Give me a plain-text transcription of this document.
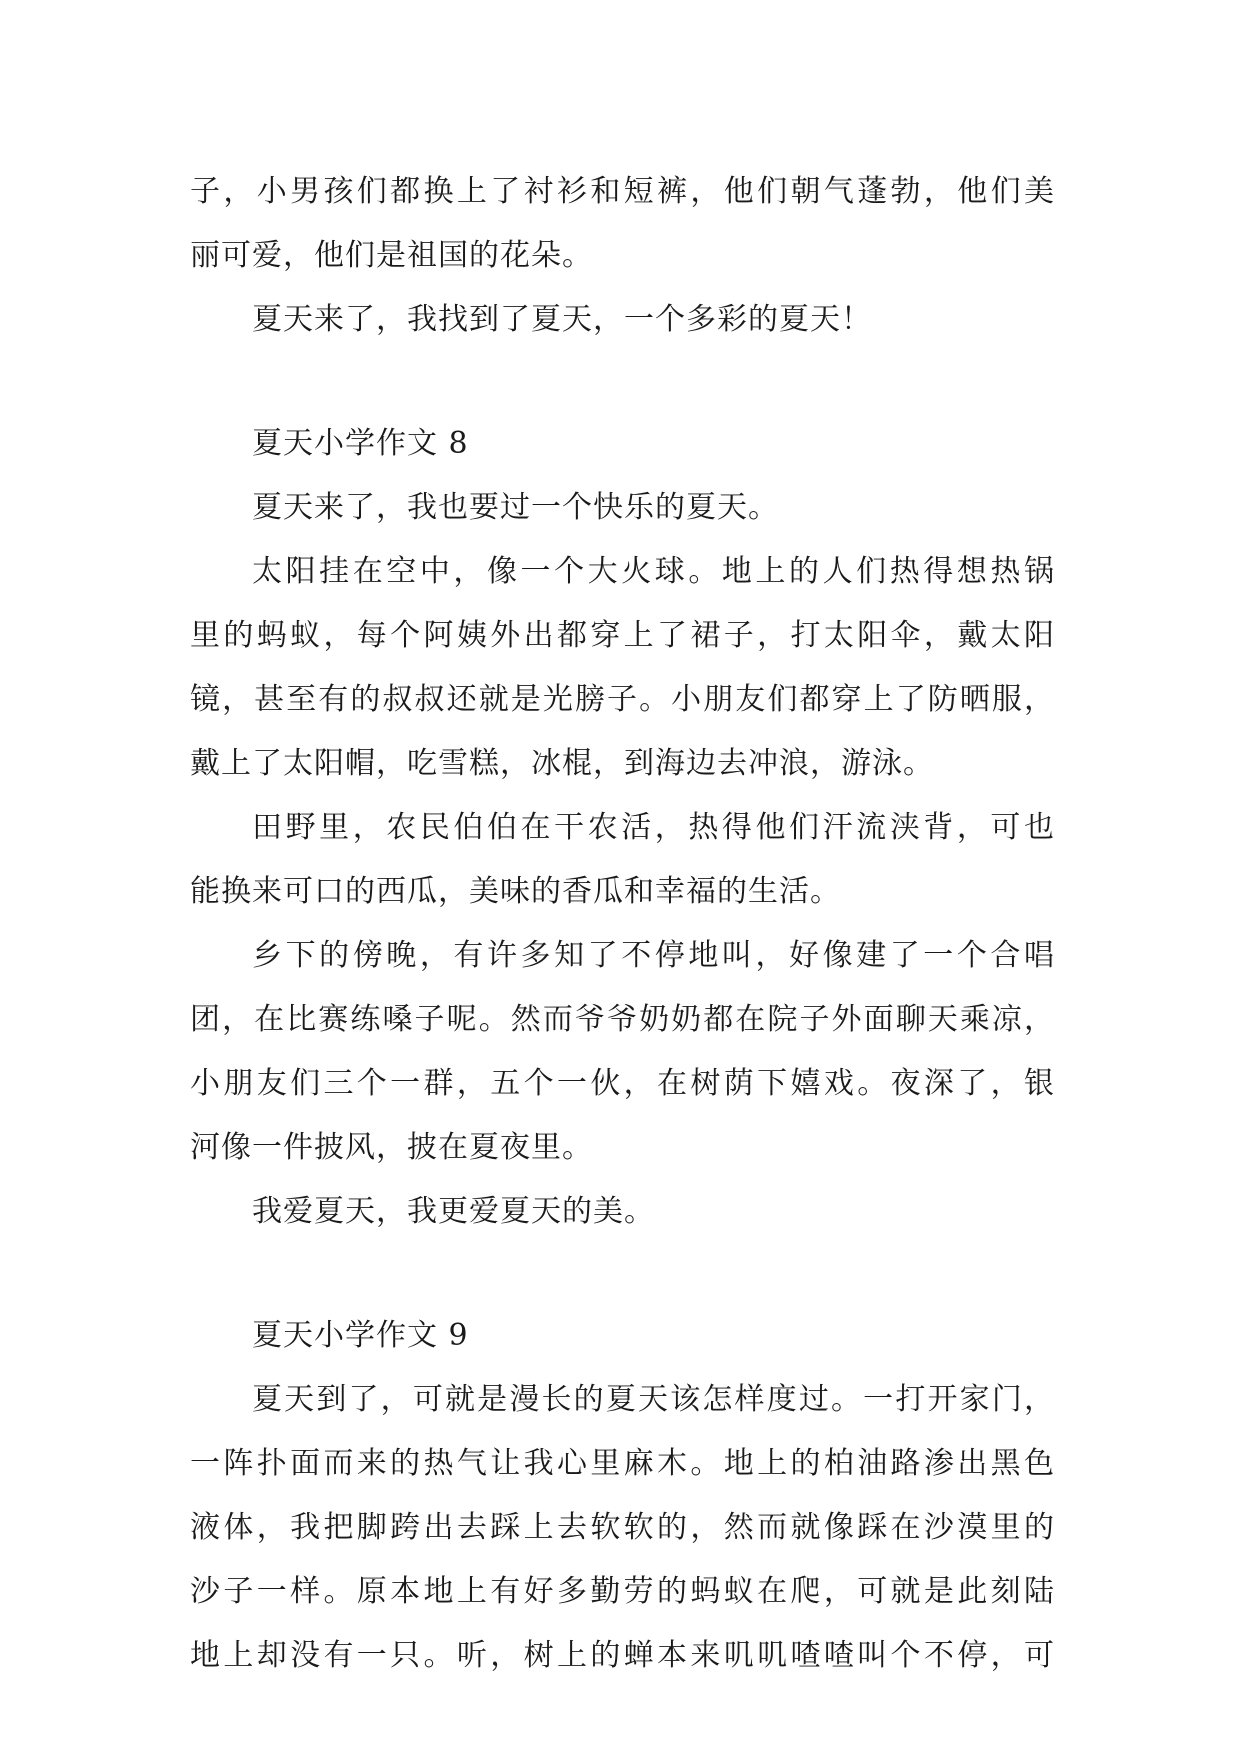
子，小男孩们都换上了衬衫和短裤，他们朝气蓬勃，他们美
丽可爱，他们是祖国的花朵。
夏天来了，我找到了夏天，一个多彩的夏天！
夏天小学作文 8
夏天来了，我也要过一个快乐的夏天。
太阳挂在空中，像一个大火球。地上的人们热得想热锅
里的蚂蚁，每个阿姨外出都穿上了裙子，打太阳伞，戴太阳
镜，甚至有的叔叔还就是光膀子。小朋友们都穿上了防晒服，
戴上了太阳帽，吃雪糕，冰棍，到海边去冲浪，游泳。
田野里，农民伯伯在干农活，热得他们汗流浃背，可也
能换来可口的西瓜，美味的香瓜和幸福的生活。
乡下的傍晚，有许多知了不停地叫，好像建了一个合唱
团，在比赛练嗓子呢。然而爷爷奶奶都在院子外面聊天乘凉，
小朋友们三个一群，五个一伙，在树荫下嬉戏。夜深了，银
河像一件披风，披在夏夜里。
我爱夏天，我更爱夏天的美。
夏天小学作文 9
夏天到了，可就是漫长的夏天该怎样度过。一打开家门，
一阵扑面而来的热气让我心里麻木。地上的柏油路渗出黑色
液体，我把脚跨出去踩上去软软的，然而就像踩在沙漠里的
沙子一样。原本地上有好多勤劳的蚂蚁在爬，可就是此刻陆
地上却没有一只。听，树上的蝉本来叽叽喳喳叫个不停，可
